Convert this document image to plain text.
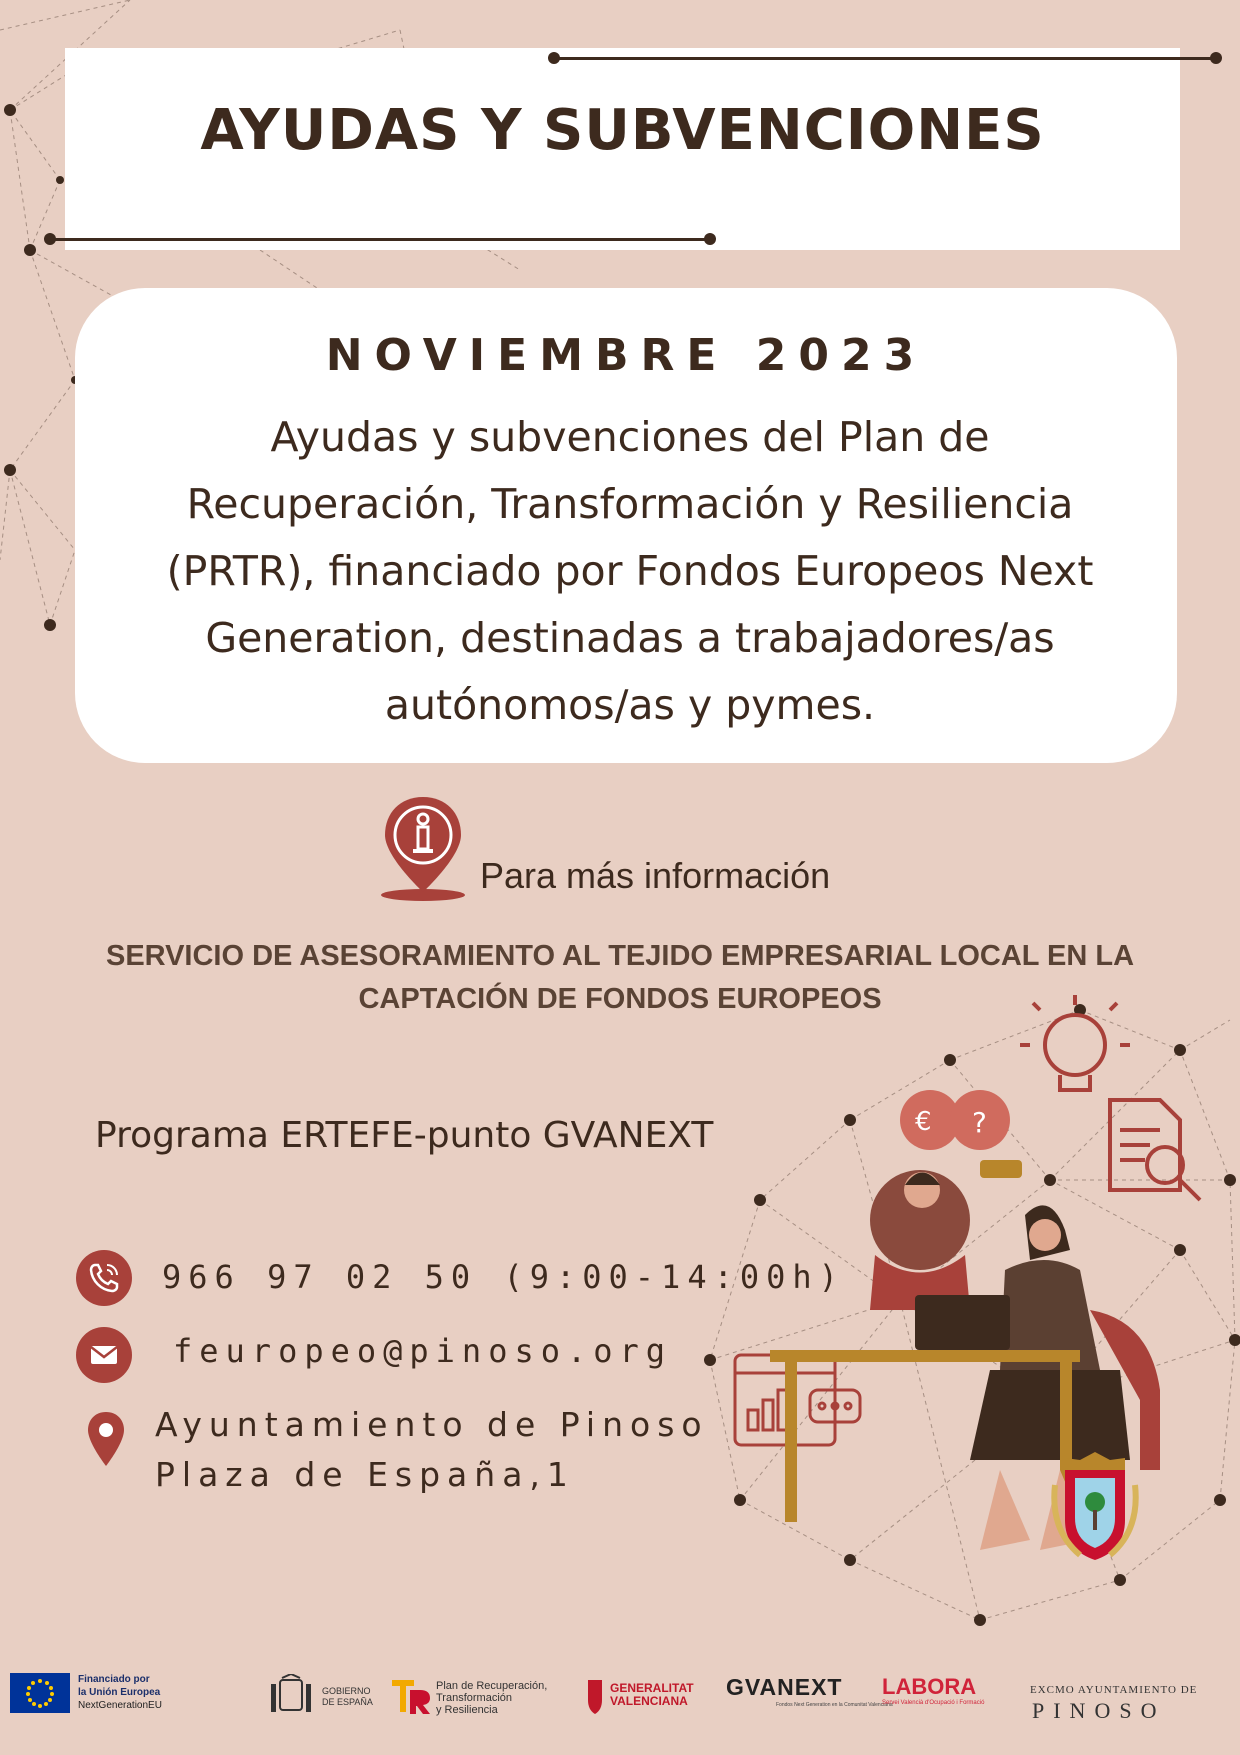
AYUDAS Y SUBVENCIONES
NOVIEMBRE 2023
Ayudas y subvenciones del Plan de
Recuperación, Transformación y Resiliencia
(PRTR), financiado por Fondos Europeos Next
Generation, destinadas a trabajadores/as
autónomos/as y pymes.
Para más información
SERVICIO DE ASESORAMIENTO AL TEJIDO EMPRESARIAL LOCAL EN LA
CAPTACIÓN DE FONDOS EUROPEOS
Programa ERTEFE-punto GVANEXT
966 97 02 50 (9:00-14:00h)
feuropeo@pinoso.org
Ayuntamiento de Pinoso
Plaza de España,1
€ ?
Financiado por
la Unión Europea
NextGenerationEU
GOBIERNO
DE ESPAÑA
Plan de Recuperación,
Transformación
y Resiliencia
GENERALITAT
VALENCIANA
GVANEXT
Fondos Next Generation en la Comunitat Valenciana
LABORA
Servei Valencià d'Ocupació i Formació
EXCMO AYUNTAMIENTO DE
PINOSO
